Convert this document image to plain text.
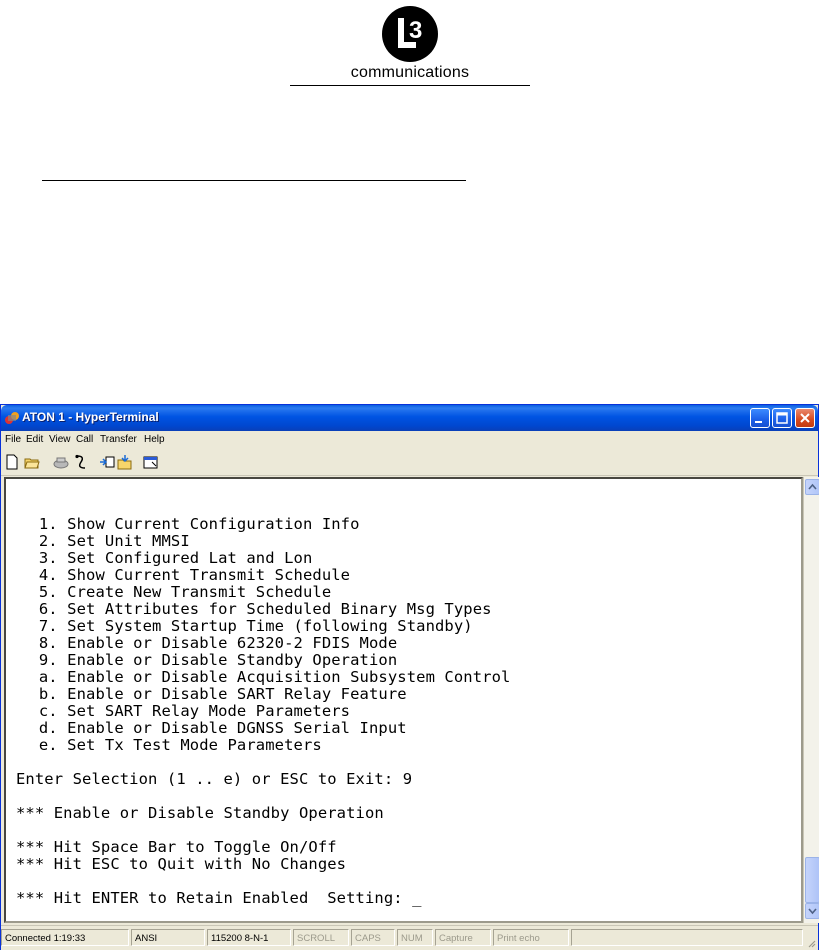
3
communications
ATON 1 - HyperTerminal
File Edit View Call Transfer Help
1. Show Current Configuration Info
2. Set Unit MMSI
3. Set Configured Lat and Lon
4. Show Current Transmit Schedule
5. Create New Transmit Schedule
6. Set Attributes for Scheduled Binary Msg Types
7. Set System Startup Time (following Standby)
8. Enable or Disable 62320-2 FDIS Mode
9. Enable or Disable Standby Operation
a. Enable or Disable Acquisition Subsystem Control
b. Enable or Disable SART Relay Feature
c. Set SART Relay Mode Parameters
d. Enable or Disable DGNSS Serial Input
e. Set Tx Test Mode Parameters
Enter Selection (1 .. e) or ESC to Exit: 9
*** Enable or Disable Standby Operation
*** Hit Space Bar to Toggle On/Off
*** Hit ESC to Quit with No Changes
*** Hit ENTER to Retain Enabled  Setting: _
Connected 1:19:33	ANSI	115200 8-N-1	SCROLL	CAPS	NUM	Capture	Print echo
